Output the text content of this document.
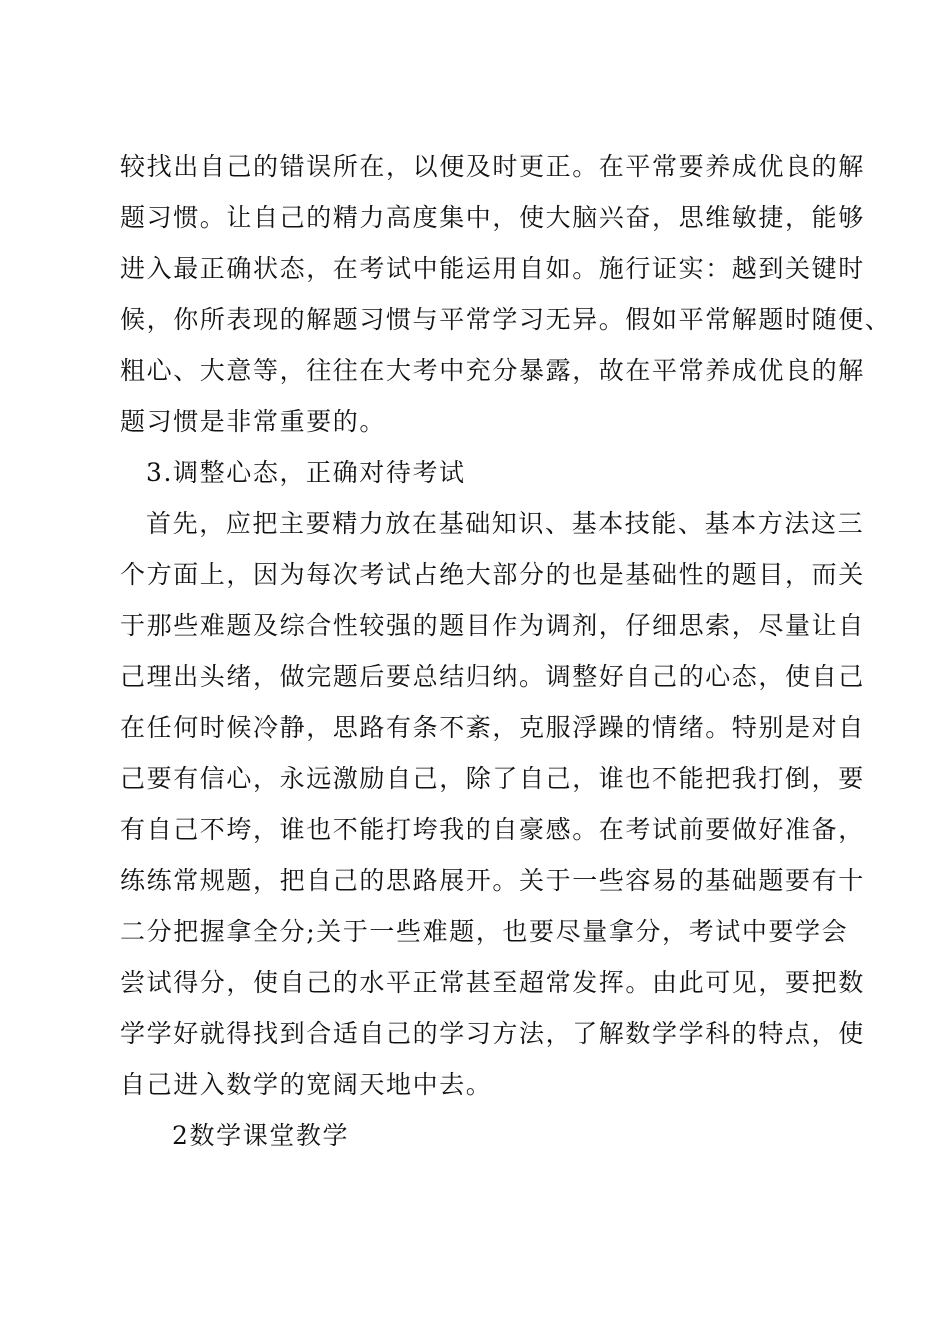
较找出自己的错误所在，以便及时更正。在平常要养成优良的解

题习惯。让自己的精力高度集中，使大脑兴奋，思维敏捷，能够

进入最正确状态，在考试中能运用自如。施行证实：越到关键时

候，你所表现的解题习惯与平常学习无异。假如平常解题时随便、

粗心、大意等，往往在大考中充分暴露，故在平常养成优良的解

题习惯是非常重要的。

3.调整心态，正确对待考试

首先，应把主要精力放在基础知识、基本技能、基本方法这三

个方面上，因为每次考试占绝大部分的也是基础性的题目，而关

于那些难题及综合性较强的题目作为调剂，仔细思索，尽量让自

己理出头绪，做完题后要总结归纳。调整好自己的心态，使自己

在任何时候冷静，思路有条不紊，克服浮躁的情绪。特别是对自

己要有信心，永远激励自己，除了自己，谁也不能把我打倒，要

有自己不垮，谁也不能打垮我的自豪感。在考试前要做好准备，

练练常规题，把自己的思路展开。关于一些容易的基础题要有十

二分把握拿全分;关于一些难题，也要尽量拿分，考试中要学会

尝试得分，使自己的水平正常甚至超常发挥。由此可见，要把数

学学好就得找到合适自己的学习方法，了解数学学科的特点，使

自己进入数学的宽阔天地中去。

2数学课堂教学
